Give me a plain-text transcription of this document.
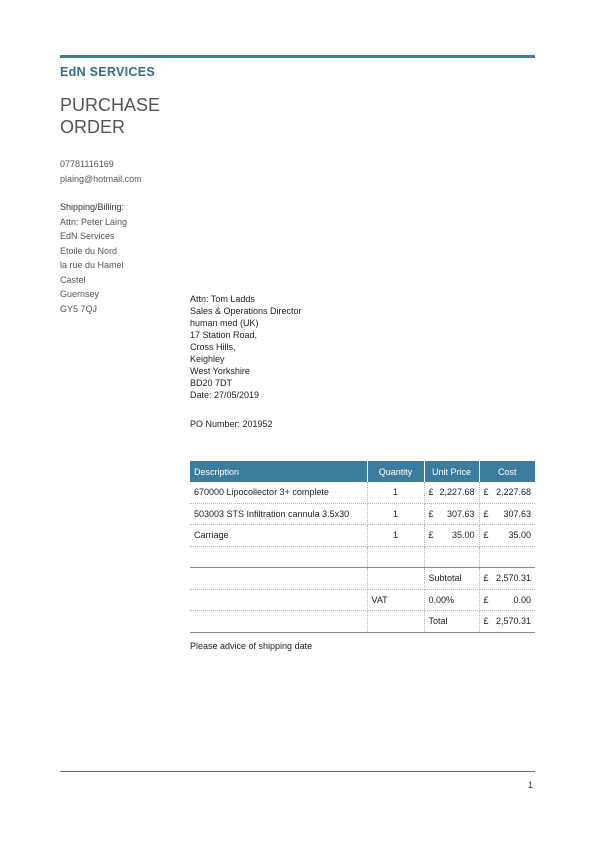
EdN SERVICES
PURCHASE
ORDER
07781116169
plaing@hotmail.com
Shipping/Billing:
Attn: Peter Laing
EdN Services
Etoile du Nord
la rue du Hamel
Castel
Guernsey
GY5 7QJ
Attn: Tom Ladds
Sales & Operations Director
human med (UK)
17 Station Road,
Cross Hills,
Keighley
West Yorkshire
BD20 7DT
Date: 27/05/2019
PO Number: 201952
Description	Quantity	Unit Price	Cost
670000 Lipocollector 3+ complete	1	£ 2,227.68	£ 2,227.68

503003 STS Infiltration cannula 3.5x30	1	£ 307.63	£ 307.63

Carriage	1	£ 35.00	£ 35.00

		Subtotal	£ 2,570.31

	VAT	0.00%	£ 0.00

		Total	£ 2,570.31
Please advice of shipping date
1
